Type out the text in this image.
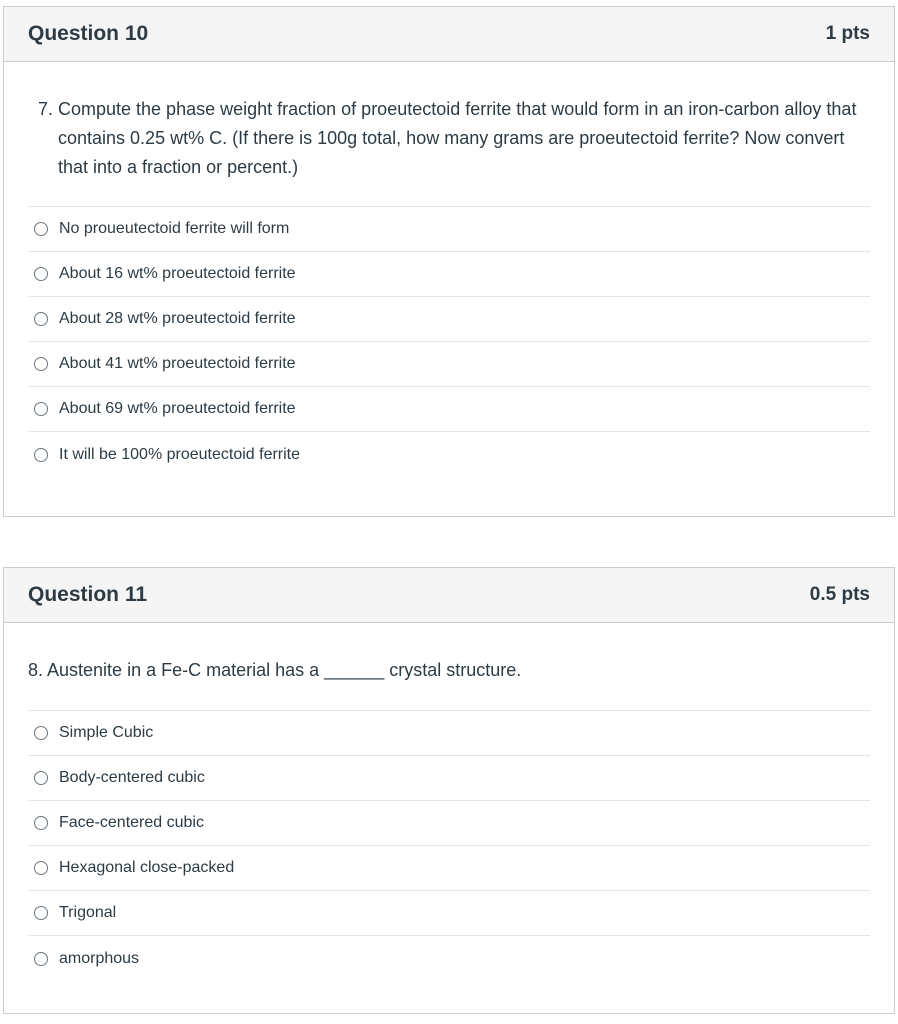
Question 10	1 pts
7. Compute the phase weight fraction of proeutectoid ferrite that would form in an iron-carbon alloy that contains 0.25 wt% C. (If there is 100g total, how many grams are proeutectoid ferrite? Now convert that into a fraction or percent.)
No proueutectoid ferrite will form
About 16 wt% proeutectoid ferrite
About 28 wt% proeutectoid ferrite
About 41 wt% proeutectoid ferrite
About 69 wt% proeutectoid ferrite
It will be 100% proeutectoid ferrite
Question 11	0.5 pts
8. Austenite in a Fe-C material has a ______ crystal structure.
Simple Cubic
Body-centered cubic
Face-centered cubic
Hexagonal close-packed
Trigonal
amorphous
